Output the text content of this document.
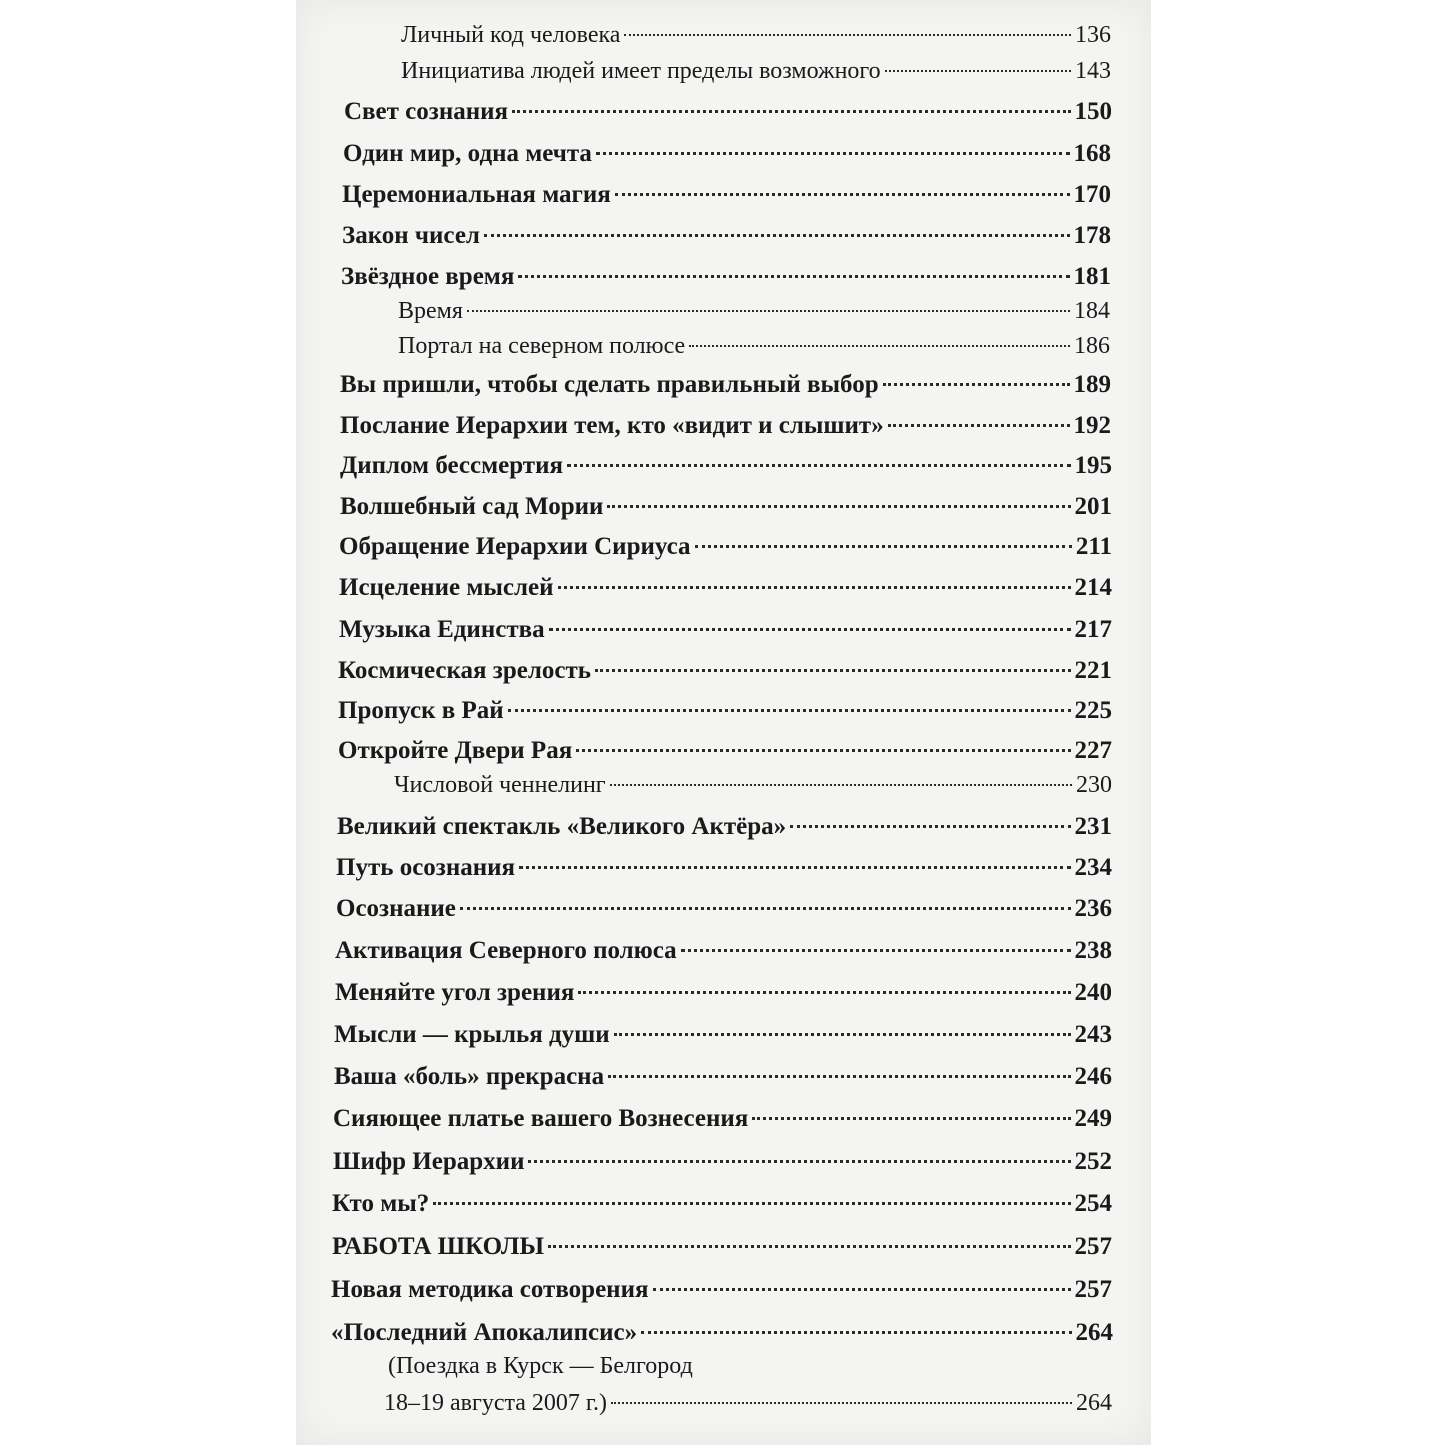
Личный код человека	136
Инициатива людей имеет пределы возможного	143
Свет сознания	150
Один мир, одна мечта	168
Церемониальная магия	170
Закон чисел	178
Звёздное время	181
Время	184
Портал на северном полюсе	186
Вы пришли, чтобы сделать правильный выбор	189
Послание Иерархии тем, кто «видит и слышит»	192
Диплом бессмертия	195
Волшебный сад Мории	201
Обращение Иерархии Сириуса	211
Исцеление мыслей	214
Музыка Единства	217
Космическая зрелость	221
Пропуск в Рай	225
Откройте Двери Рая	227
Числовой ченнелинг	230
Великий спектакль «Великого Актёра»	231
Путь осознания	234
Осознание	236
Активация Северного полюса	238
Меняйте угол зрения	240
Мысли — крылья души	243
Ваша «боль» прекрасна	246
Сияющее платье вашего Вознесения	249
Шифр Иерархии	252
Кто мы?	254
РАБОТА ШКОЛЫ	257
Новая методика сотворения	257
«Последний Апокалипсис»	264
(Поездка в Курск — Белгород
18–19 августа 2007 г.)	264
